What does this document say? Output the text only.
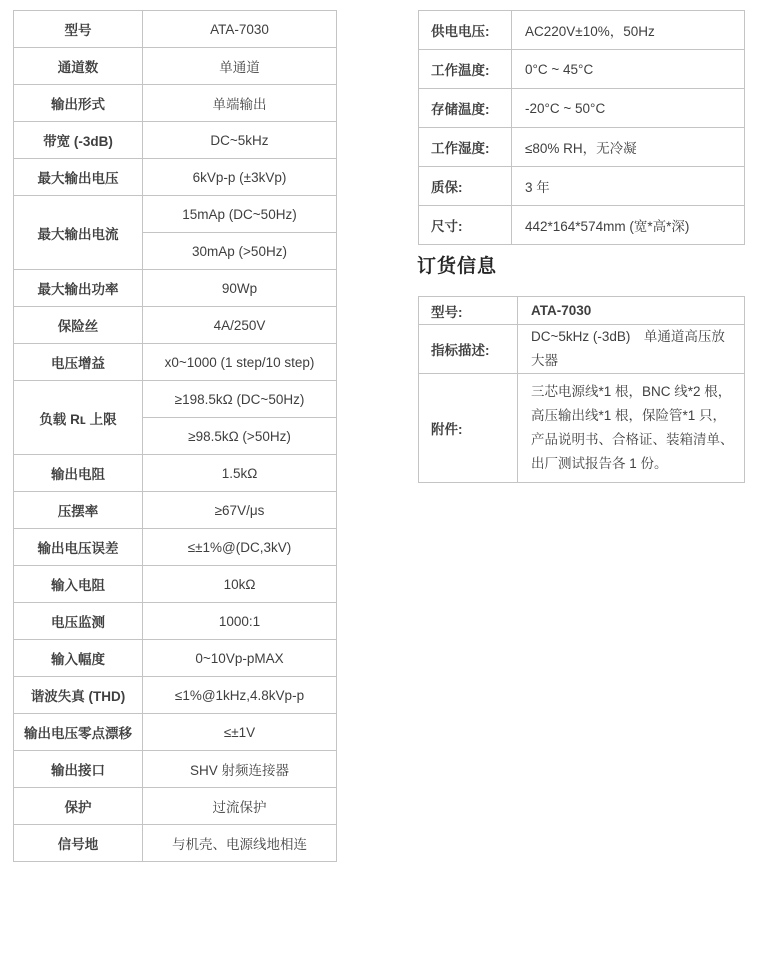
型号	ATA-7030
通道数	单通道
输出形式	单端输出
带宽 (-3dB)	DC~5kHz
最大输出电压	6kVp-p (±3kVp)
最大输出电流	15mAp (DC~50Hz)
	30mAp (>50Hz)
最大输出功率	90Wp
保险丝	4A/250V
电压增益	x0~1000 (1 step/10 step)
负载 Rʟ 上限	≥198.5kΩ (DC~50Hz)
	≥98.5kΩ (>50Hz)
输出电阻	1.5kΩ
压摆率	≥67V/μs
输出电压误差	≤±1%@(DC,3kV)
输入电阻	10kΩ
电压监测	1000:1
输入幅度	0~10Vp-pMAX
谐波失真 (THD)	≤1%@1kHz,4.8kVp-p
输出电压零点漂移	≤±1V
输出接口	SHV 射频连接器
保护	过流保护
信号地	与机壳、电源线地相连
供电电压:	AC220V±10%，50Hz
工作温度:	0°C ~ 45°C
存储温度:	-20°C ~ 50°C
工作湿度:	≤80% RH，无冷凝
质保:	3 年
尺寸:	442*164*574mm (宽*高*深)
订货信息
型号:	ATA-7030
指标描述:	DC~5kHz (-3dB)　单通道高压放大器
附件:	三芯电源线*1 根，BNC 线*2 根，高压输出线*1 根，保险管*1 只，产品说明书、合格证、装箱清单、出厂测试报告各 1 份。
